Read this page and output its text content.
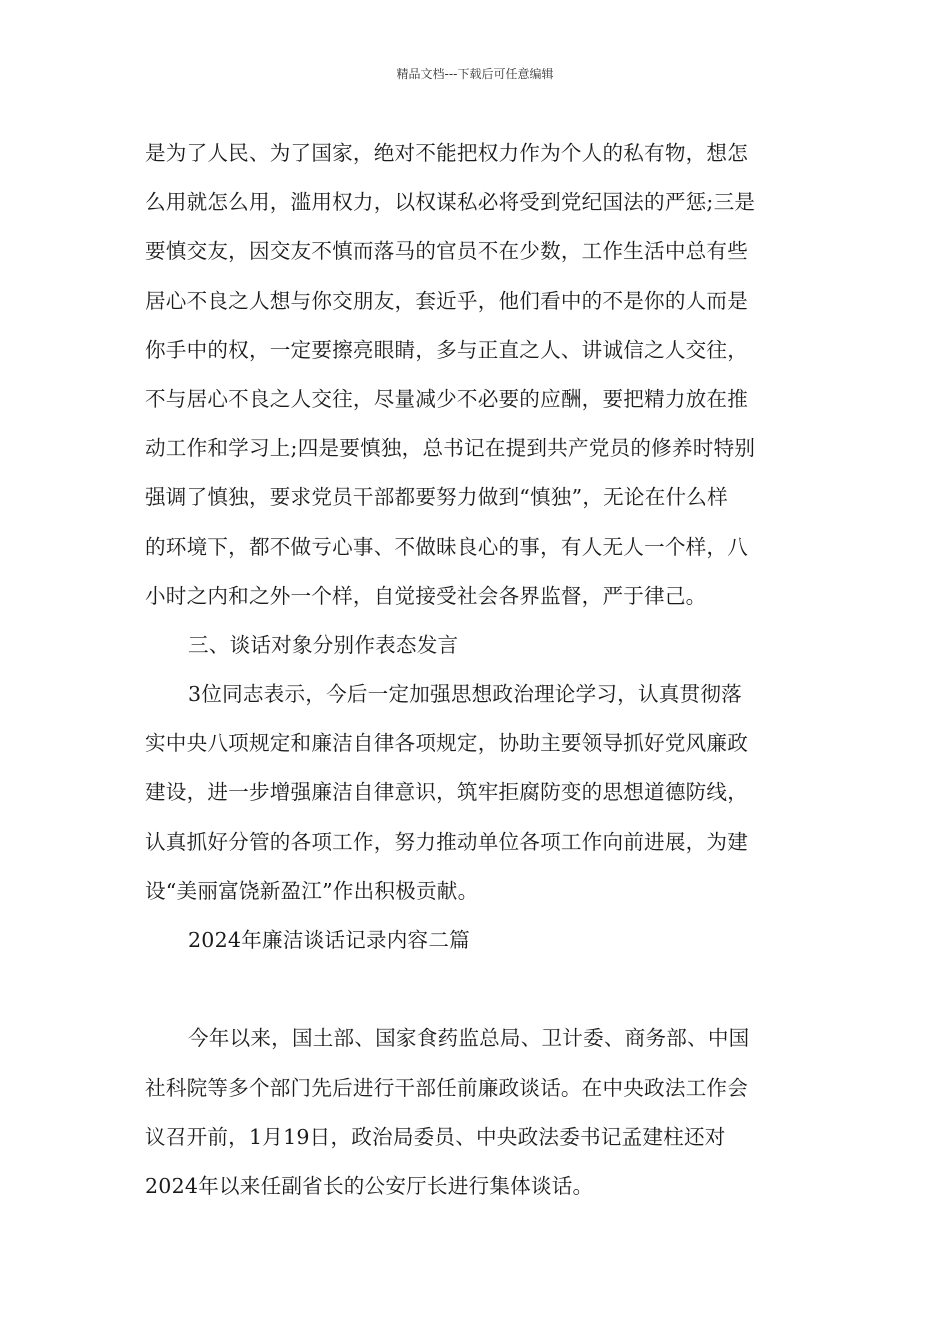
精品文档---下载后可任意编辑
是为了人民、为了国家，绝对不能把权力作为个人的私有物，想怎
么用就怎么用，滥用权力，以权谋私必将受到党纪国法的严惩;三是
要慎交友，因交友不慎而落马的官员不在少数，工作生活中总有些
居心不良之人想与你交朋友，套近乎，他们看中的不是你的人而是
你手中的权，一定要擦亮眼睛，多与正直之人、讲诚信之人交往，
不与居心不良之人交往，尽量减少不必要的应酬，要把精力放在推
动工作和学习上;四是要慎独，总书记在提到共产党员的修养时特别
强调了慎独，要求党员干部都要努力做到“慎独”，无论在什么样
的环境下，都不做亏心事、不做昧良心的事，有人无人一个样，八
小时之内和之外一个样，自觉接受社会各界监督，严于律己。
三、谈话对象分别作表态发言
3位同志表示，今后一定加强思想政治理论学习，认真贯彻落
实中央八项规定和廉洁自律各项规定，协助主要领导抓好党风廉政
建设，进一步增强廉洁自律意识，筑牢拒腐防变的思想道德防线，
认真抓好分管的各项工作，努力推动单位各项工作向前进展，为建
设“美丽富饶新盈江”作出积极贡献。
2024年廉洁谈话记录内容二篇
今年以来，国土部、国家食药监总局、卫计委、商务部、中国
社科院等多个部门先后进行干部任前廉政谈话。在中央政法工作会
议召开前，1月19日，政治局委员、中央政法委书记孟建柱还对
2024年以来任副省长的公安厅长进行集体谈话。
